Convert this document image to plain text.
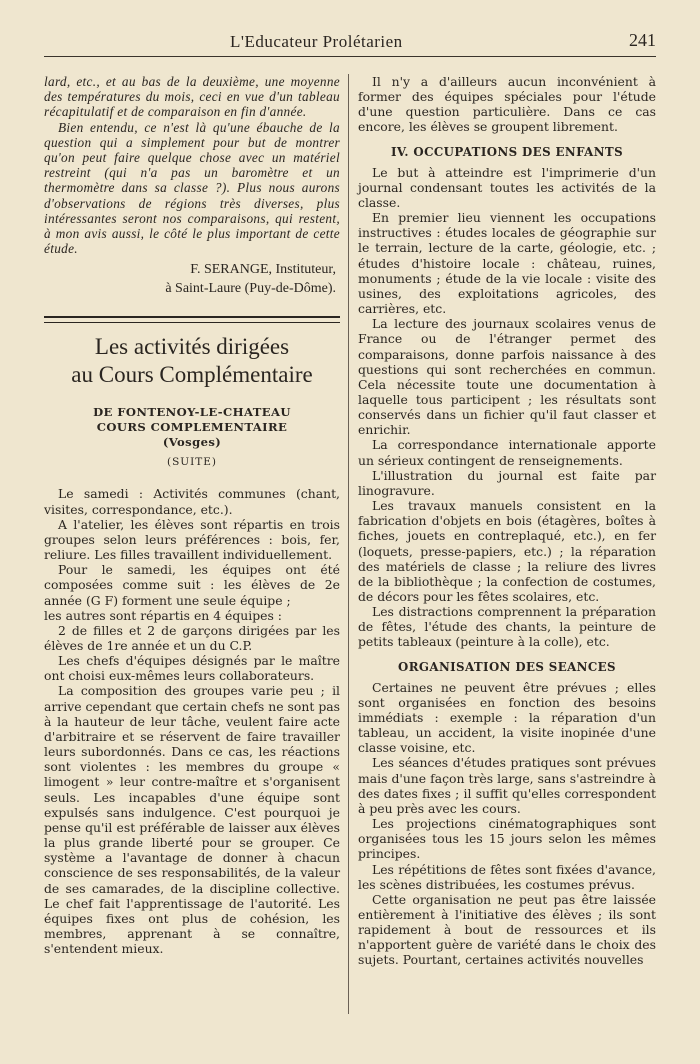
L'Educateur Prolétarien	241

lard, etc., et au bas de la deuxième, une moyenne des températures du mois, ceci en vue d'un tableau récapitulatif et de comparaison en fin d'année.

Bien entendu, ce n'est là qu'une ébauche de la question qui a simplement pour but de montrer qu'on peut faire quelque chose avec un matériel restreint (qui n'a pas un baromètre et un thermomètre dans sa classe ?). Plus nous aurons d'observations de régions très diverses, plus intéressantes seront nos comparaisons, qui restent, à mon avis aussi, le côté le plus important de cette étude.

F. SERANGE, Instituteur,
à Saint-Laure (Puy-de-Dôme).
Les activités dirigées
au Cours Complémentaire
DE FONTENOY-LE-CHATEAU
COURS COMPLEMENTAIRE
(Vosges)
(SUITE)

Le samedi : Activités communes (chant, visites, correspondance, etc.).

A l'atelier, les élèves sont répartis en trois groupes selon leurs préférences : bois, fer, reliure. Les filles travaillent individuellement.

Pour le samedi, les équipes ont été composées comme suit : les élèves de 2e année (G F) forment une seule équipe ;

les autres sont répartis en 4 équipes :

2 de filles et 2 de garçons dirigées par les élèves de 1re année et un du C.P.

Les chefs d'équipes désignés par le maître ont choisi eux-mêmes leurs collaborateurs.

La composition des groupes varie peu ; il arrive cependant que certain chefs ne sont pas à la hauteur de leur tâche, veulent faire acte d'arbitraire et se réservent de faire travailler leurs subordonnés. Dans ce cas, les réactions sont violentes : les membres du groupe « limogent » leur contre-maître et s'organisent seuls. Les incapables d'une équipe sont expulsés sans indulgence. C'est pourquoi je pense qu'il est préférable de laisser aux élèves la plus grande liberté pour se grouper. Ce système a l'avantage de donner à chacun conscience de ses responsabilités, de la valeur de ses camarades, de la discipline collective. Le chef fait l'apprentissage de l'autorité. Les équipes fixes ont plus de cohésion, les membres, apprenant à se connaître, s'entendent mieux.

Il n'y a d'ailleurs aucun inconvénient à former des équipes spéciales pour l'étude d'une question particulière. Dans ce cas encore, les élèves se groupent librement.

IV. OCCUPATIONS DES ENFANTS

Le but à atteindre est l'imprimerie d'un journal condensant toutes les activités de la classe.

En premier lieu viennent les occupations instructives : études locales de géographie sur le terrain, lecture de la carte, géologie, etc. ; études d'histoire locale : château, ruines, monuments ; étude de la vie locale : visite des usines, des exploitations agricoles, des carrières, etc.

La lecture des journaux scolaires venus de France ou de l'étranger permet des comparaisons, donne parfois naissance à des questions qui sont recherchées en commun. Cela nécessite toute une documentation à laquelle tous participent ; les résultats sont conservés dans un fichier qu'il faut classer et enrichir.

La correspondance internationale apporte un sérieux contingent de renseignements.

L'illustration du journal est faite par linogravure.

Les travaux manuels consistent en la fabrication d'objets en bois (étagères, boîtes à fiches, jouets en contreplaqué, etc.), en fer (loquets, presse-papiers, etc.) ; la réparation des matériels de classe ; la reliure des livres de la bibliothèque ; la confection de costumes, de décors pour les fêtes scolaires, etc.

Les distractions comprennent la préparation de fêtes, l'étude des chants, la peinture de petits tableaux (peinture à la colle), etc.

ORGANISATION DES SEANCES

Certaines ne peuvent être prévues ; elles sont organisées en fonction des besoins immédiats : exemple : la réparation d'un tableau, un accident, la visite inopinée d'une classe voisine, etc.

Les séances d'études pratiques sont prévues mais d'une façon très large, sans s'astreindre à des dates fixes ; il suffit qu'elles correspondent à peu près avec les cours.

Les projections cinématographiques sont organisées tous les 15 jours selon les mêmes principes.

Les répétitions de fêtes sont fixées d'avance, les scènes distribuées, les costumes prévus.

Cette organisation ne peut pas être laissée entièrement à l'initiative des élèves ; ils sont rapidement à bout de ressources et ils n'apportent guère de variété dans le choix des sujets. Pourtant, certaines activités nouvelles
